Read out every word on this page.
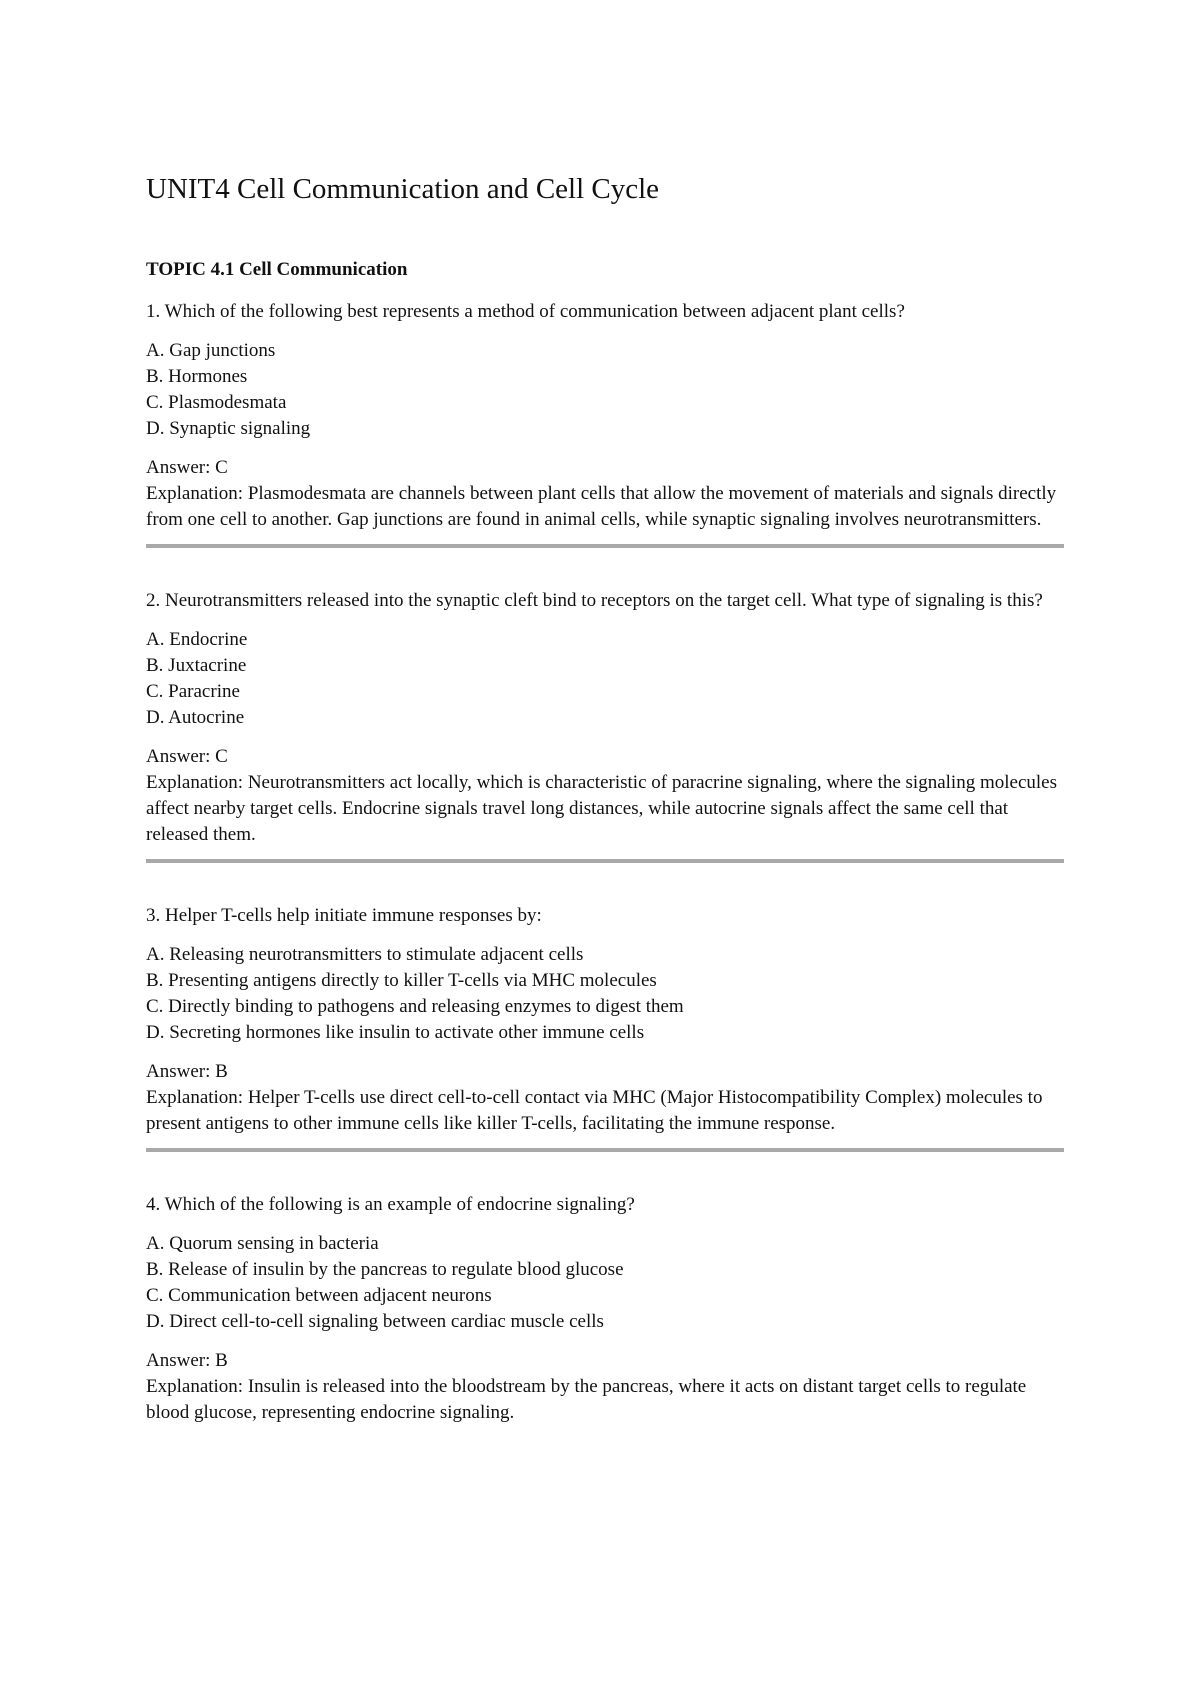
UNIT4 Cell Communication and Cell Cycle
TOPIC 4.1 Cell Communication

1. Which of the following best represents a method of communication between adjacent plant cells?

A. Gap junctions
B. Hormones
C. Plasmodesmata
D. Synaptic signaling

Answer: C

Explanation: Plasmodesmata are channels between plant cells that allow the movement of materials and signals directly from one cell to another. Gap junctions are found in animal cells, while synaptic signaling involves neurotransmitters.

2. Neurotransmitters released into the synaptic cleft bind to receptors on the target cell. What type of signaling is this?

A. Endocrine
B. Juxtacrine
C. Paracrine
D. Autocrine

Answer: C

Explanation: Neurotransmitters act locally, which is characteristic of paracrine signaling, where the signaling molecules affect nearby target cells. Endocrine signals travel long distances, while autocrine signals affect the same cell that released them.

3. Helper T-cells help initiate immune responses by:

A. Releasing neurotransmitters to stimulate adjacent cells
B. Presenting antigens directly to killer T-cells via MHC molecules
C. Directly binding to pathogens and releasing enzymes to digest them
D. Secreting hormones like insulin to activate other immune cells

Answer: B

Explanation: Helper T-cells use direct cell-to-cell contact via MHC (Major Histocompatibility Complex) molecules to present antigens to other immune cells like killer T-cells, facilitating the immune response.

4. Which of the following is an example of endocrine signaling?

A. Quorum sensing in bacteria
B. Release of insulin by the pancreas to regulate blood glucose
C. Communication between adjacent neurons
D. Direct cell-to-cell signaling between cardiac muscle cells

Answer: B

Explanation: Insulin is released into the bloodstream by the pancreas, where it acts on distant target cells to regulate blood glucose, representing endocrine signaling.
